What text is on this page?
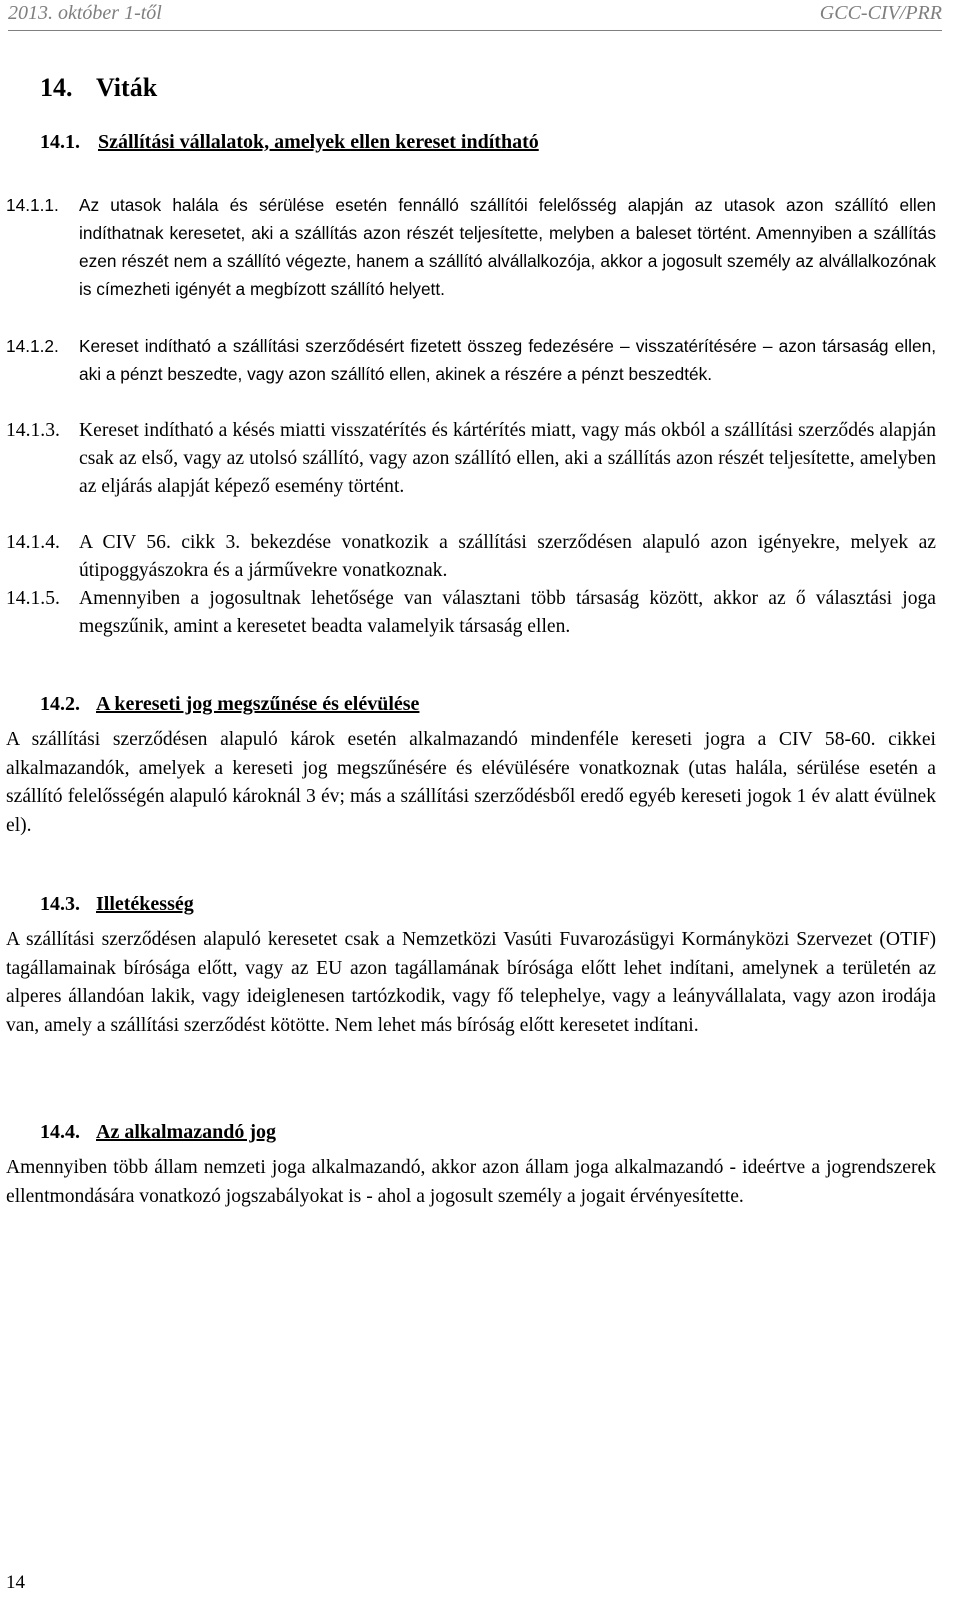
2013. október 1-től	GCC-CIV/PRR
14. Viták
14.1. Szállítási vállalatok, amelyek ellen kereset indítható
14.1.1. Az utasok halála és sérülése esetén fennálló szállítói felelősség alapján az utasok azon szállító ellen indíthatnak keresetet, aki a szállítás azon részét teljesítette, melyben a baleset történt. Amennyiben a szállítás ezen részét nem a szállító végezte, hanem a szállító alvállalkozója, akkor a jogosult személy az alvállalkozónak is címezheti igényét a megbízott szállító helyett.
14.1.2. Kereset indítható a szállítási szerződésért fizetett összeg fedezésére – visszatérítésére – azon társaság ellen, aki a pénzt beszedte, vagy azon szállító ellen, akinek a részére a pénzt beszedték.
14.1.3. Kereset indítható a késés miatti visszatérítés és kártérítés miatt, vagy más okból a szállítási szerződés alapján csak az első, vagy az utolsó szállító, vagy azon szállító ellen, aki a szállítás azon részét teljesítette, amelyben az eljárás alapját képező esemény történt.
14.1.4. A CIV 56. cikk 3. bekezdése vonatkozik a szállítási szerződésen alapuló azon igényekre, melyek az útipoggyászokra és a járművekre vonatkoznak.
14.1.5. Amennyiben a jogosultnak lehetősége van választani több társaság között, akkor az ő választási joga megszűnik, amint a keresetet beadta valamelyik társaság ellen.
14.2. A kereseti jog megszűnése és elévülése

A szállítási szerződésen alapuló károk esetén alkalmazandó mindenféle kereseti jogra a CIV 58-60. cikkei alkalmazandók, amelyek a kereseti jog megszűnésére és elévülésére vonatkoznak (utas halála, sérülése esetén a szállító felelősségén alapuló károknál 3 év; más a szállítási szerződésből eredő egyéb kereseti jogok 1 év alatt évülnek el).

14.3. Illetékesség

A szállítási szerződésen alapuló keresetet csak a Nemzetközi Vasúti Fuvarozásügyi Kormányközi Szervezet (OTIF) tagállamainak bírósága előtt, vagy az EU azon tagállamának bírósága előtt lehet indítani, amelynek a területén az alperes állandóan lakik, vagy ideiglenesen tartózkodik, vagy fő telephelye, vagy a leányvállalata, vagy azon irodája van, amely a szállítási szerződést kötötte. Nem lehet más bíróság előtt keresetet indítani.

14.4. Az alkalmazandó jog

Amennyiben több állam nemzeti joga alkalmazandó, akkor azon állam joga alkalmazandó - ideértve a jogrendszerek ellentmondására vonatkozó jogszabályokat is - ahol a jogosult személy a jogait érvényesítette.

14
